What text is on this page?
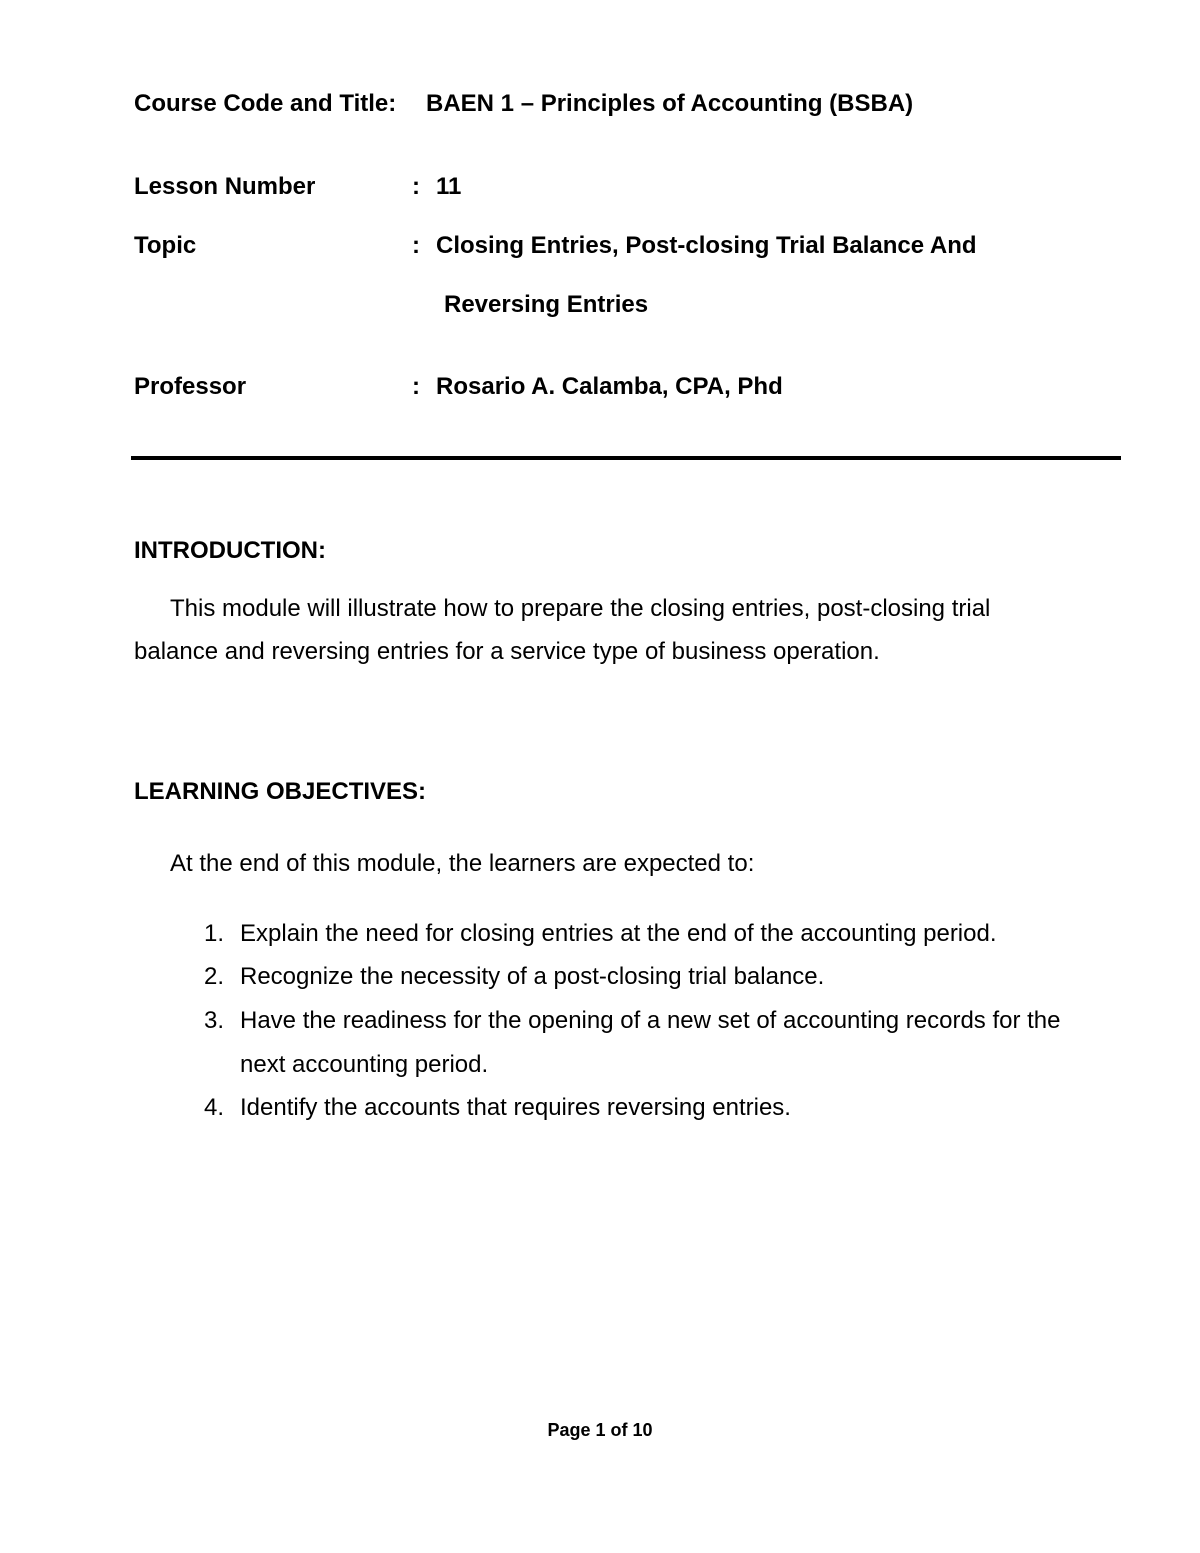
Course Code and Title: BAEN 1 – Principles of Accounting (BSBA)
Lesson Number	: 11
Topic	: Closing Entries, Post-closing Trial Balance And
Reversing Entries
Professor	: Rosario A. Calamba, CPA, Phd
INTRODUCTION:
This module will illustrate how to prepare the closing entries, post-closing trial
balance and reversing entries for a service type of business operation.
LEARNING OBJECTIVES:
At the end of this module, the learners are expected to:
1. Explain the need for closing entries at the end of the accounting period.
2. Recognize the necessity of a post-closing trial balance.
3. Have the readiness for the opening of a new set of accounting records for the
next accounting period.
4. Identify the accounts that requires reversing entries.
Page 1 of 10
